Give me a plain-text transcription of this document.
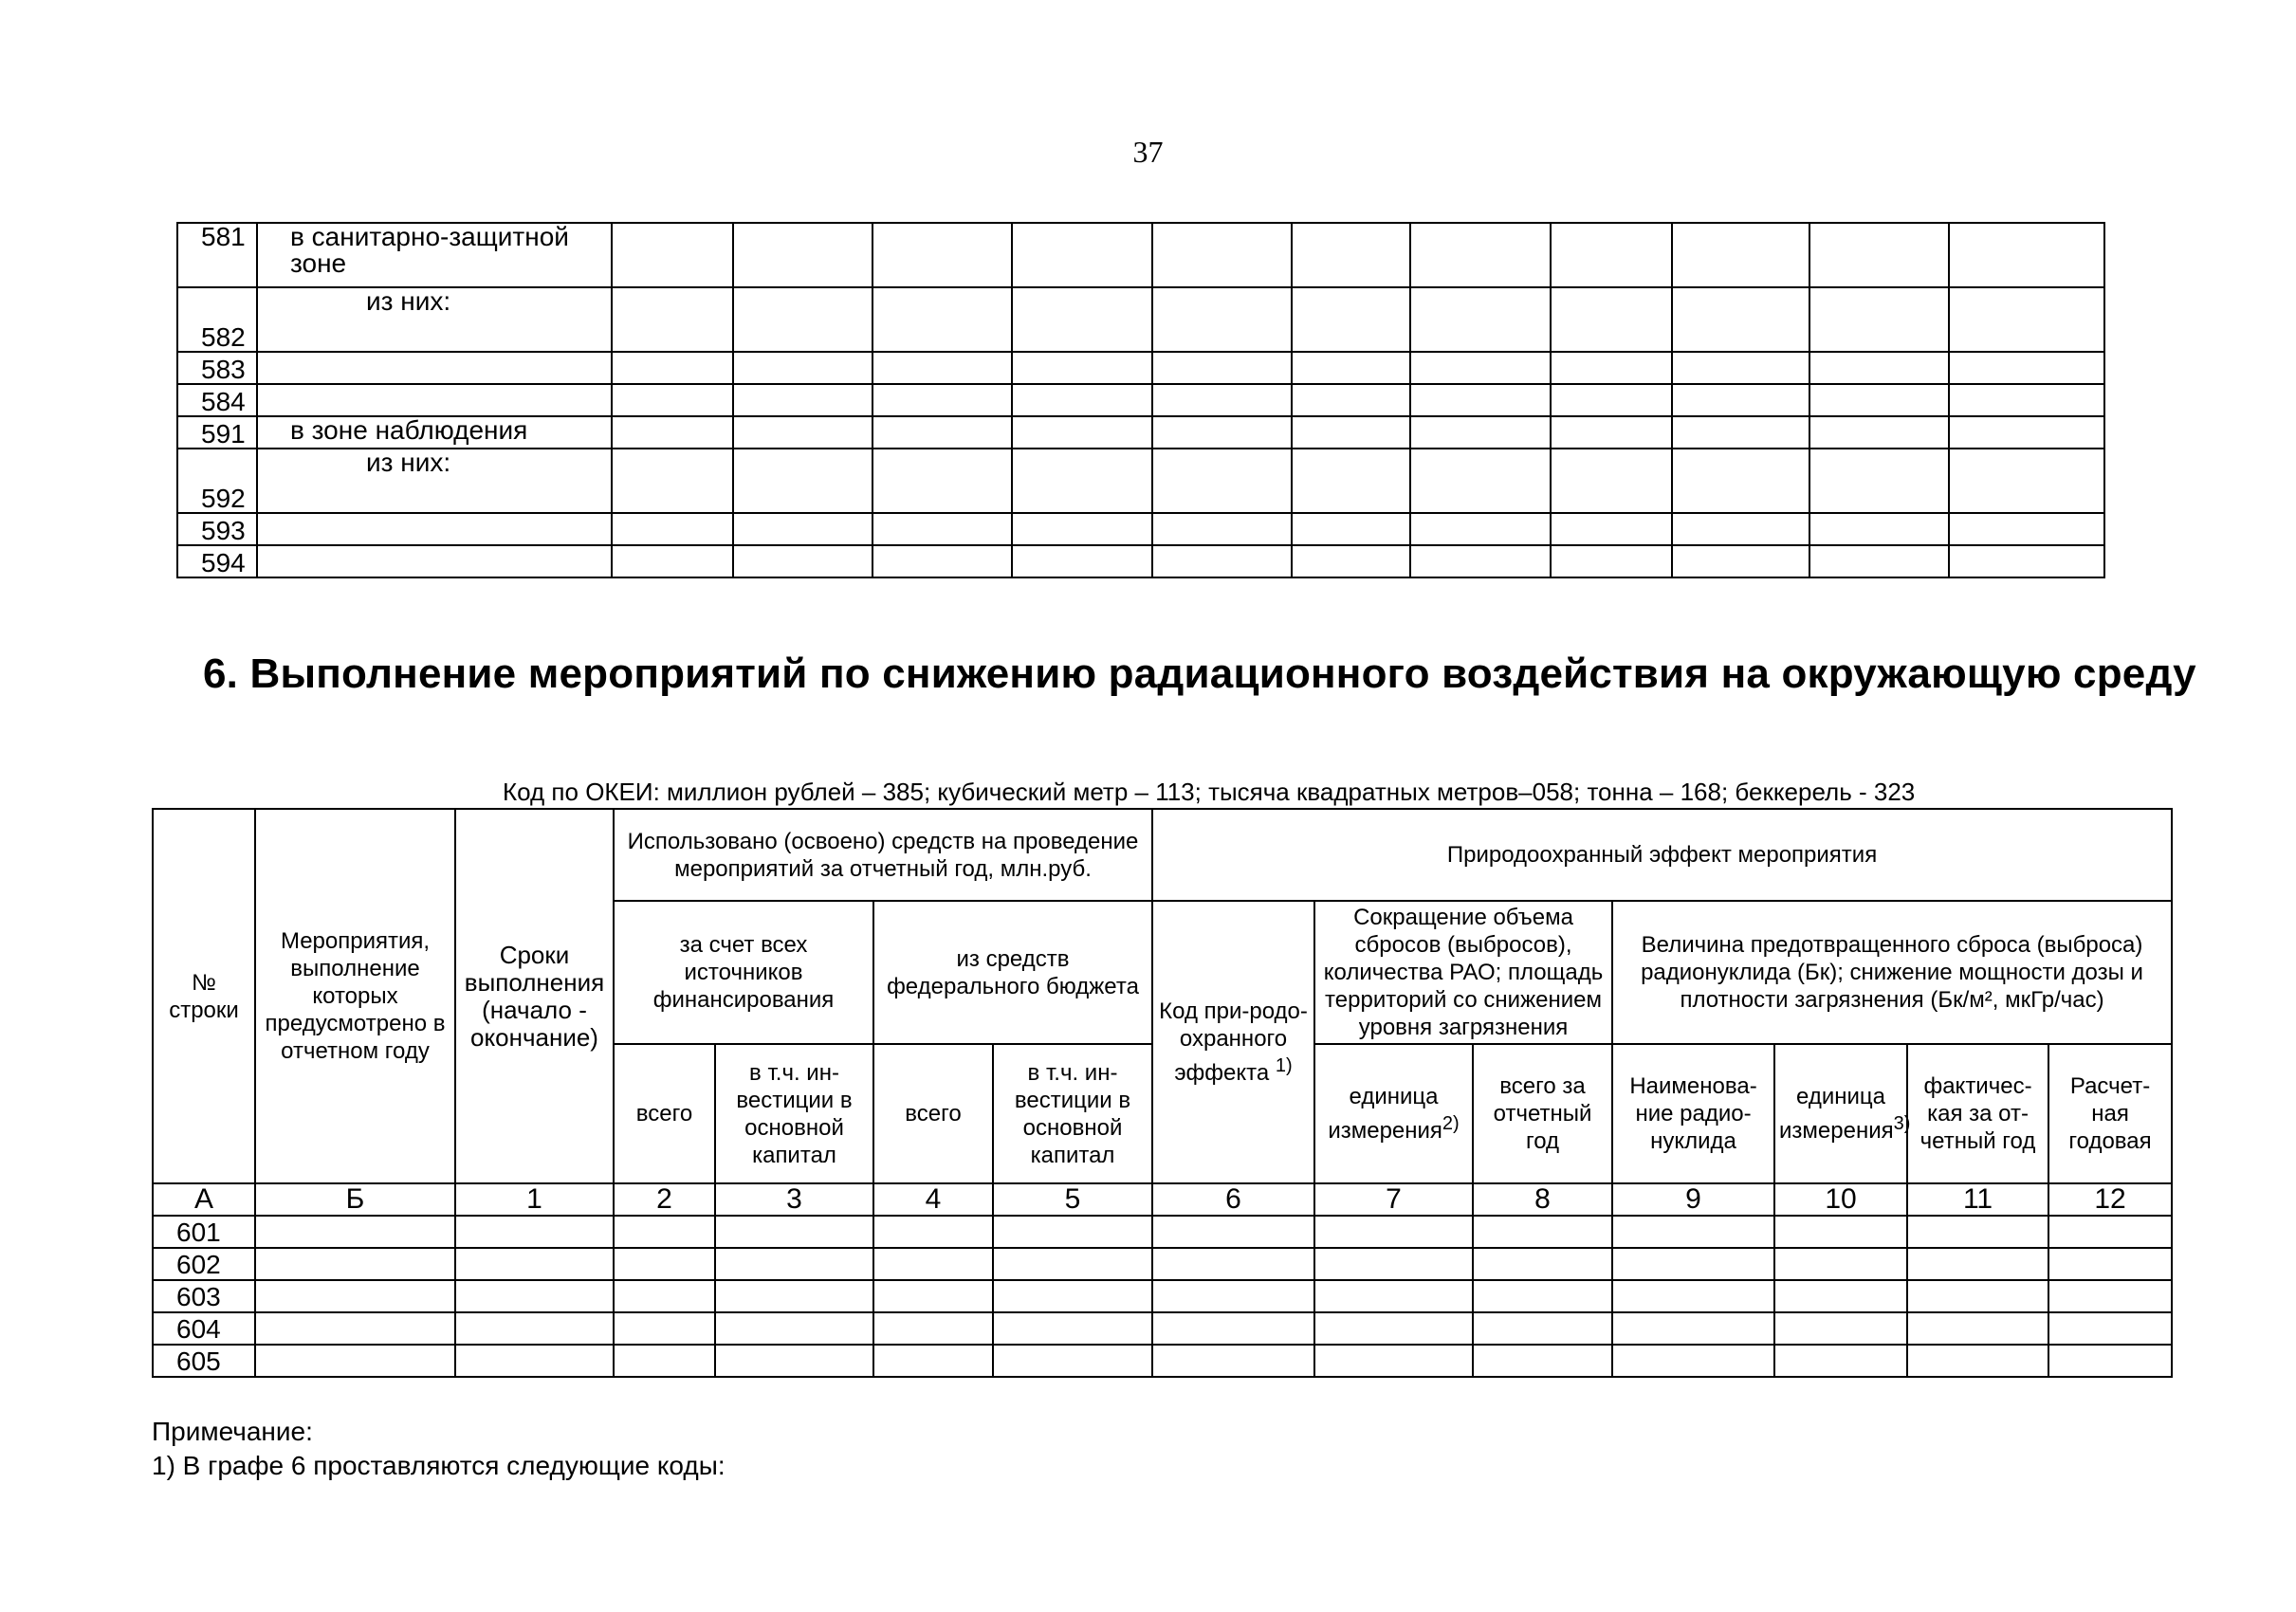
37
581	в санитарно-защитной зоне											
582	из них:											
583												
584												
591	в зоне наблюдения											
592	из них:											
593												
594												
6. Выполнение мероприятий по снижению радиационного воздействия на окружающую среду
Код по ОКЕИ: миллион рублей – 385; кубический метр – 113; тысяча квадратных метров–058; тонна – 168; беккерель - 323
№ строки	Мероприятия, выполнение которых предусмотрено в отчетном году	Сроки выполнения (начало - окончание)	Использовано (освоено) средств на проведение мероприятий за отчетный год, млн.руб.				Природоохранный эффект мероприятия						
			за счет всех источников финансирования		из средств федерального бюджета		Код при-родо-охранного эффекта $^{1)}$	Сокращение объема сбросов (выбросов), количества РАО; площадь территорий со снижением уровня загрязнения		Величина предотвращенного сброса (выброса) радионуклида (Бк); снижение мощности дозы и плотности загрязнения (Бк/м², мкГр/час)			
			всего	в т.ч. ин-вестиции в основной капитал	всего	в т.ч. ин-вестиции в основной капитал		единица измерения$^{2)}$	всего за отчетный год	Наименова-ние радио-нуклида	единица измерения$^{3)}$	фактичес-кая за от-четный год	Расчет-ная годовая

А	Б	1	2	3	4	5	6	7	8	9	10	11	12
601													
602													
603													
604													
605													
Примечание:
1) В графе 6 проставляются следующие коды:
